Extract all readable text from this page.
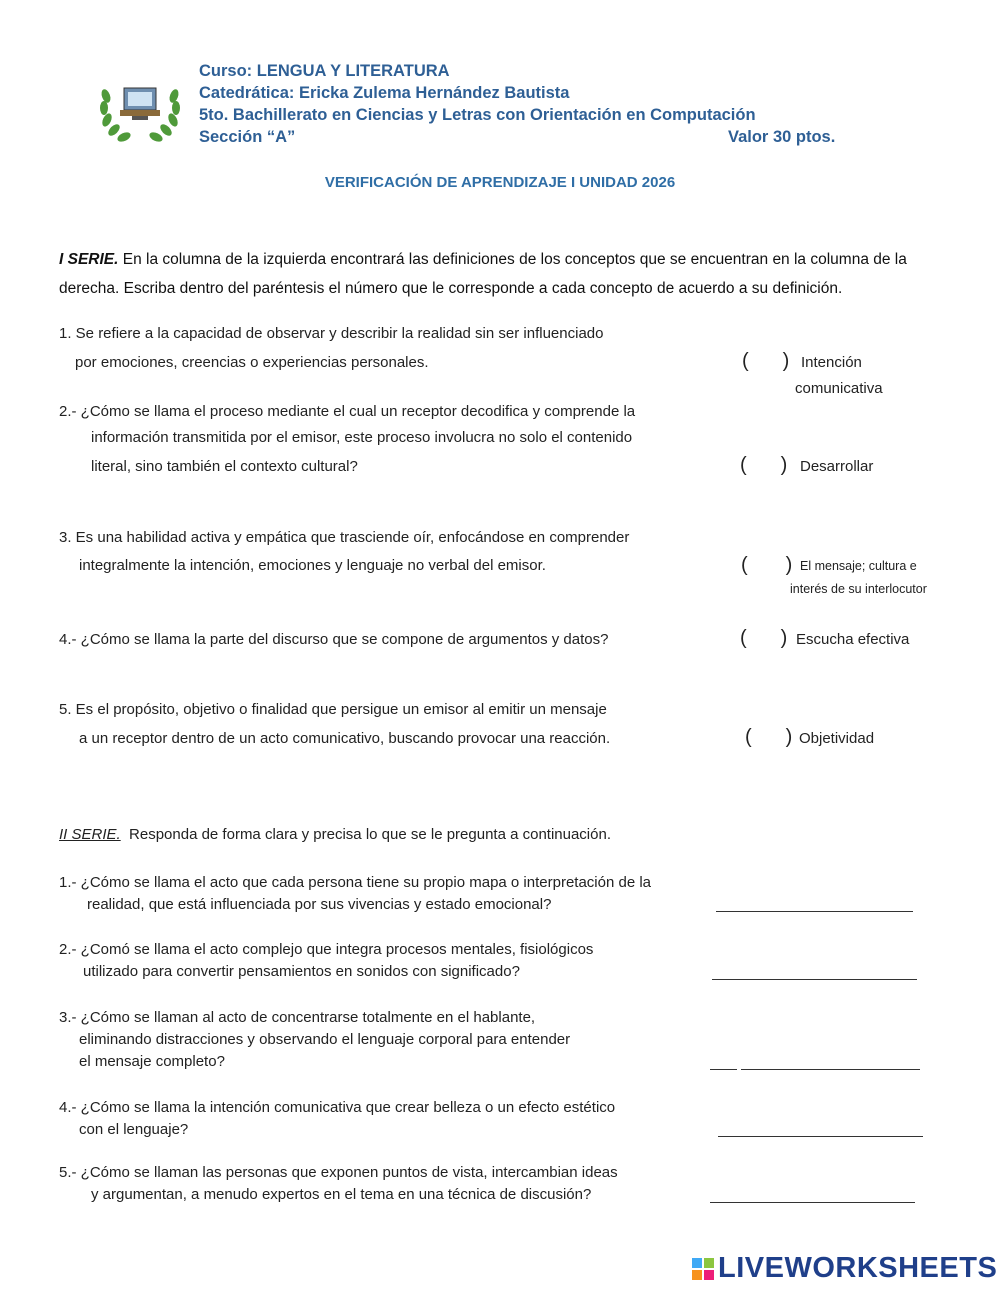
Curso: LENGUA Y LITERATURA
Catedrática: Ericka Zulema Hernández Bautista
5to. Bachillerato en Ciencias y Letras con Orientación en Computación
Sección “A”	Valor 30 ptos.
VERIFICACIÓN DE APRENDIZAJE I UNIDAD 2026
I SERIE. En la columna de la izquierda encontrará las definiciones de los conceptos que se encuentran en la columna de la derecha. Escriba dentro del paréntesis el número que le corresponde a cada concepto de acuerdo a su definición.
1. Se refiere a la capacidad de observar y describir la realidad sin ser influenciado
por emociones, creencias o experiencias personales.
2.- ¿Cómo se llama el proceso mediante el cual un receptor decodifica y comprende la
información transmitida por el emisor, este proceso involucra no solo el contenido
literal, sino también el contexto cultural?
3. Es una habilidad activa y empática que trasciende oír, enfocándose en comprender
integralmente la intención, emociones y lenguaje no verbal del emisor.
4.- ¿Cómo se llama la parte del discurso que se compone de argumentos y datos?
5. Es el propósito, objetivo o finalidad que persigue un emisor al emitir un mensaje
a un receptor dentro de un acto comunicativo, buscando provocar una reacción.
( )
( )
( )
( )
( )
Intención
comunicativa
Desarrollar
El mensaje; cultura e
interés de su interlocutor
Escucha efectiva
Objetividad
II SERIE. Responda de forma clara y precisa lo que se le pregunta a continuación.
1.- ¿Cómo se llama el acto que cada persona tiene su propio mapa o interpretación de la
realidad, que está influenciada por sus vivencias y estado emocional?
2.- ¿Comó se llama el acto complejo que integra procesos mentales, fisiológicos
utilizado para convertir pensamientos en sonidos con significado?
3.- ¿Cómo se llaman al acto de concentrarse totalmente en el hablante,
eliminando distracciones y observando el lenguaje corporal para entender
el mensaje completo?
4.- ¿Cómo se llama la intención comunicativa que crear belleza o un efecto estético
con el lenguaje?
5.- ¿Cómo se llaman las personas que exponen puntos de vista, intercambian ideas
y argumentan, a menudo expertos en el tema en una técnica de discusión?
LIVEWORKSHEETS
